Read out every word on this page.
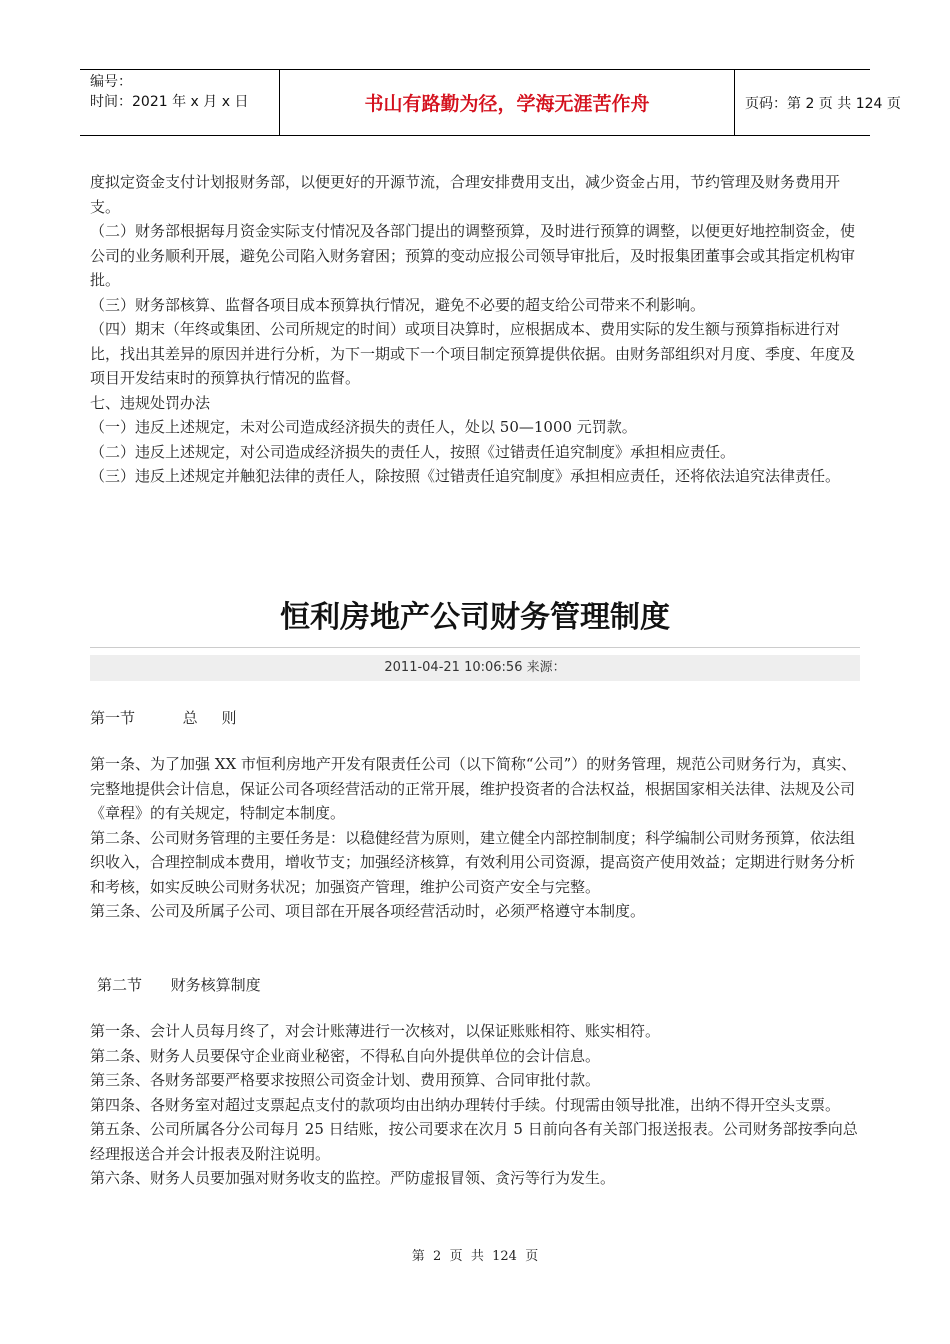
编号：
时间：2021 年 x 月 x 日	书山有路勤为径，学海无涯苦作舟	页码：第 2 页 共 124 页

度拟定资金支付计划报财务部，以便更好的开源节流，合理安排费用支出，减少资金占用，节约管理及财务费用开支。

（二）财务部根据每月资金实际支付情况及各部门提出的调整预算，及时进行预算的调整，以便更好地控制资金，使公司的业务顺利开展，避免公司陷入财务窘困；预算的变动应报公司领导审批后，及时报集团董事会或其指定机构审批。

（三）财务部核算、监督各项目成本预算执行情况，避免不必要的超支给公司带来不利影响。

（四）期末（年终或集团、公司所规定的时间）或项目决算时，应根据成本、费用实际的发生额与预算指标进行对比，找出其差异的原因并进行分析，为下一期或下一个项目制定预算提供依据。由财务部组织对月度、季度、年度及项目开发结束时的预算执行情况的监督。

七、违规处罚办法

（一）违反上述规定，未对公司造成经济损失的责任人，处以 50—1000 元罚款。

（二）违反上述规定，对公司造成经济损失的责任人，按照《过错责任追究制度》承担相应责任。

（三）违反上述规定并触犯法律的责任人，除按照《过错责任追究制度》承担相应责任，还将依法追究法律责任。

恒利房地产公司财务管理制度
2011-04-21 10:06:56 来源：
第一节          总     则

第一条、为了加强 XX 市恒利房地产开发有限责任公司（以下简称“公司”）的财务管理，规范公司财务行为，真实、完整地提供会计信息，保证公司各项经营活动的正常开展，维护投资者的合法权益，根据国家相关法律、法规及公司《章程》的有关规定，特制定本制度。

第二条、公司财务管理的主要任务是：以稳健经营为原则，建立健全内部控制制度；科学编制公司财务预算，依法组织收入，合理控制成本费用，增收节支；加强经济核算，有效利用公司资源，提高资产使用效益；定期进行财务分析和考核，如实反映公司财务状况；加强资产管理，维护公司资产安全与完整。

第三条、公司及所属子公司、项目部在开展各项经营活动时，必须严格遵守本制度。

第二节      财务核算制度

第一条、会计人员每月终了，对会计账薄进行一次核对，以保证账账相符、账实相符。

第二条、财务人员要保守企业商业秘密，不得私自向外提供单位的会计信息。

第三条、各财务部要严格要求按照公司资金计划、费用预算、合同审批付款。

第四条、各财务室对超过支票起点支付的款项均由出纳办理转付手续。付现需由领导批准，出纳不得开空头支票。

第五条、公司所属各分公司每月 25 日结账，按公司要求在次月 5 日前向各有关部门报送报表。公司财务部按季向总经理报送合并会计报表及附注说明。

第六条、财务人员要加强对财务收支的监控。严防虚报冒领、贪污等行为发生。

第  2  页  共  124  页
